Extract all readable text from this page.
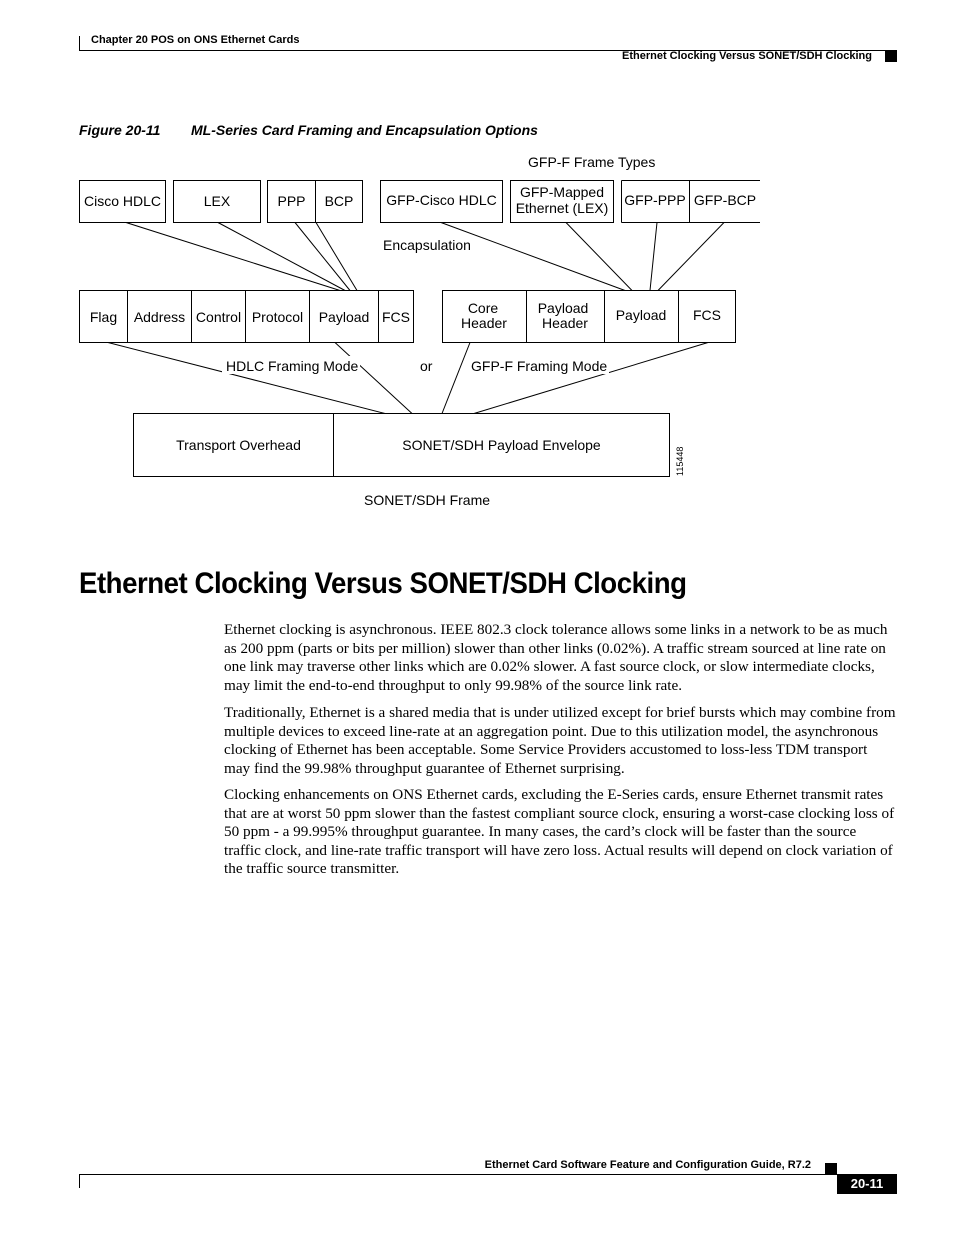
Chapter 20 POS on ONS Ethernet Cards
Ethernet Clocking Versus SONET/SDH Clocking
Figure 20-11 ML-Series Card Framing and Encapsulation Options
GFP-F Frame Types
Cisco HDLC	LEX	PPP BCP GFP-Cisco HDLC GFP-Mapped
Ethernet (LEX) GFP-PPP GFP-BCP
Encapsulation
Flag Address Control Protocol Payload FCS
Core
Header
Payload
Header Payload FCS
HDLC Framing Mode	or	GFP-F Framing Mode
Transport Overhead	SONET/SDH Payload Envelope
115448
SONET/SDH Frame
Ethernet Clocking Versus SONET/SDH Clocking

Ethernet clocking is asynchronous. IEEE 802.3 clock tolerance allows some links in a network to be as much as 200 ppm (parts or bits per million) slower than other links (0.02%). A traffic stream sourced at line rate on one link may traverse other links which are 0.02% slower. A fast source clock, or slow intermediate clocks, may limit the end-to-end throughput to only 99.98% of the source link rate.

Traditionally, Ethernet is a shared media that is under utilized except for brief bursts which may combine from multiple devices to exceed line-rate at an aggregation point. Due to this utilization model, the asynchronous clocking of Ethernet has been acceptable. Some Service Providers accustomed to loss-less TDM transport may find the 99.98% throughput guarantee of Ethernet surprising.

Clocking enhancements on ONS Ethernet cards, excluding the E-Series cards, ensure Ethernet transmit rates that are at worst 50 ppm slower than the fastest compliant source clock, ensuring a worst-case clocking loss of 50 ppm - a 99.995% throughput guarantee. In many cases, the card’s clock will be faster than the source traffic clock, and line-rate traffic transport will have zero loss. Actual results will depend on clock variation of the traffic source transmitter.

Ethernet Card Software Feature and Configuration Guide, R7.2
20-11
